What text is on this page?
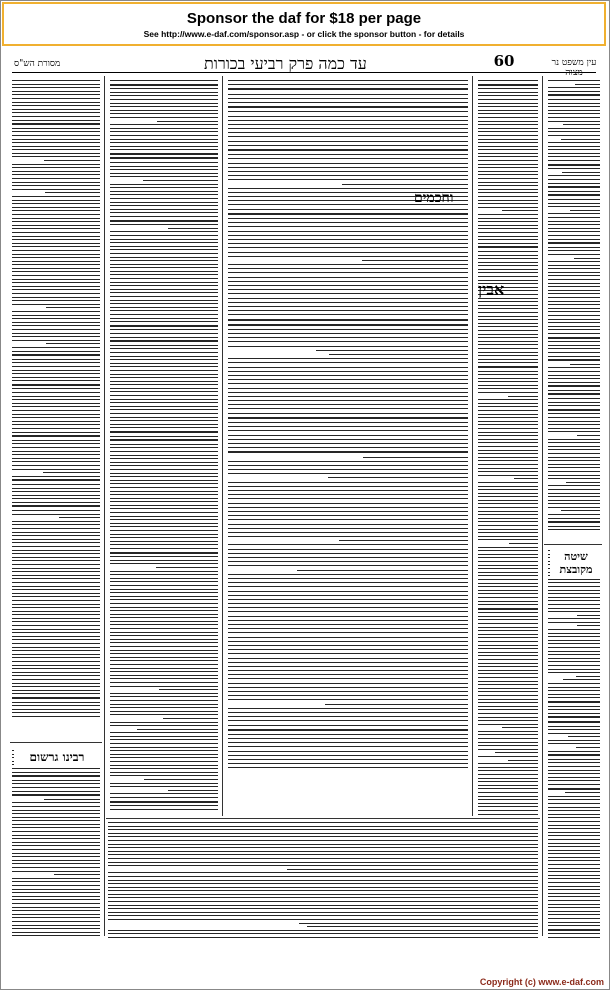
Sponsor the daf for $18 per page
See http://www.e-daf.com/sponsor.asp - or click the sponsor button - for details
מסורת הש"ס	60
עד כמה פרק רביעי בכורות	עין משפט נר מצוה
וחכמים
אבין
שיטה מקובצת
רבינו גרשום
Copyright (c) www.e-daf.com
